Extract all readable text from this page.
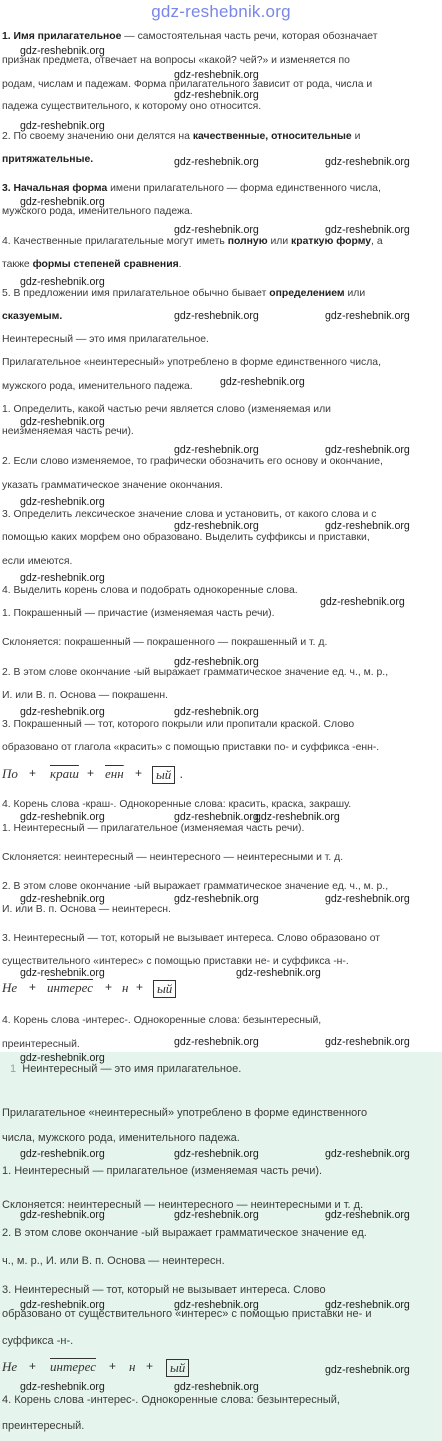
gdz-reshebnik.org
1. Имя прилагательное — самостоятельная часть речи, которая обозначает
признак предмета, отвечает на вопросы «какой? чей?» и изменяется по
родам, числам и падежам. Форма прилагательного зависит от рода, числа и
падежа существительного, к которому оно относится.
2. По своему значению они делятся на качественные, относительные и
притяжательные.
3. Начальная форма имени прилагательного — форма единственного числа,
мужского рода, именительного падежа.
4. Качественные прилагательные могут иметь полную или краткую форму, а
также формы степеней сравнения.
5. В предложении имя прилагательное обычно бывает определением или
сказуемым.
Неинтересный — это имя прилагательное.
Прилагательное «неинтересный» употреблено в форме единственного числа,
мужского рода, именительного падежа.
1. Определить, какой частью речи является слово (изменяемая или
неизменяемая часть речи).
2. Если слово изменяемое, то графически обозначить его основу и окончание,
указать грамматическое значение окончания.
3. Определить лексическое значение слова и установить, от какого слова и с
помощью каких морфем оно образовано. Выделить суффиксы и приставки,
если имеются.
4. Выделить корень слова и подобрать однокоренные слова.
1. Покрашенный — причастие (изменяемая часть речи).
Склоняется: покрашенный — покрашенного — покрашенный и т. д.
2. В этом слове окончание -ый выражает грамматическое значение ед. ч., м. р.,
И. или В. п. Основа — покрашенн.
3. Покрашенный — тот, которого покрыли или пропитали краской. Слово
образовано от глагола «красить» с помощью приставки по- и суффикса -енн-.
По + краш + енн +	ый .
4. Корень слова -краш-. Однокоренные слова: красить, краска, закрашу.
1. Неинтересный — прилагательное (изменяемая часть речи).
Склоняется: неинтересный — неинтересного — неинтересными и т. д.
2. В этом слове окончание -ый выражает грамматическое значение ед. ч., м. р.,
И. или В. п. Основа — неинтересн.
3. Неинтересный — тот, который не вызывает интереса. Слово образовано от
существительного «интерес» с помощью приставки не- и суффикса -н-.
Не + интерес + н +	ый
4. Корень слова -интерес-. Однокоренные слова: безынтересный,
преинтересный.
1 Неинтересный — это имя прилагательное.
Прилагательное «неинтересный» употреблено в форме единственного
числа, мужского рода, именительного падежа.
1. Неинтересный — прилагательное (изменяемая часть речи).
Склоняется: неинтересный — неинтересного — неинтересными и т. д.
2. В этом слове окончание -ый выражает грамматическое значение ед.
ч., м. р., И. или В. п. Основа — неинтересн.
3. Неинтересный — тот, который не вызывает интереса. Слово
образовано от существительного «интерес» с помощью приставки не- и
суффикса -н-.
Не + интерес + н +	ый
4. Корень слова -интерес-. Однокоренные слова: безынтересный,
преинтересный.
gdz-reshebnik.org
gdz-reshebnik.org
gdz-reshebnik.org
gdz-reshebnik.org
gdz-reshebnik.org	gdz-reshebnik.org
gdz-reshebnik.org
gdz-reshebnik.org	gdz-reshebnik.org
gdz-reshebnik.org
gdz-reshebnik.org	gdz-reshebnik.org
gdz-reshebnik.org
gdz-reshebnik.org
gdz-reshebnik.org	gdz-reshebnik.org
gdz-reshebnik.org
gdz-reshebnik.org	gdz-reshebnik.org
gdz-reshebnik.org
gdz-reshebnik.org
gdz-reshebnik.org
gdz-reshebnik.org	gdz-reshebnik.org
gdz-reshebnik.org	gdz-reshebnik.org
gdz-reshebnik.org
gdz-reshebnik.org	gdz-reshebnik.org	gdz-reshebnik.org
gdz-reshebnik.org	gdz-reshebnik.org
gdz-reshebnik.org	gdz-reshebnik.org
gdz-reshebnik.org
gdz-reshebnik.org	gdz-reshebnik.org	gdz-reshebnik.org
gdz-reshebnik.org	gdz-reshebnik.org	gdz-reshebnik.org
gdz-reshebnik.org	gdz-reshebnik.org	gdz-reshebnik.org
gdz-reshebnik.org
gdz-reshebnik.org	gdz-reshebnik.org
